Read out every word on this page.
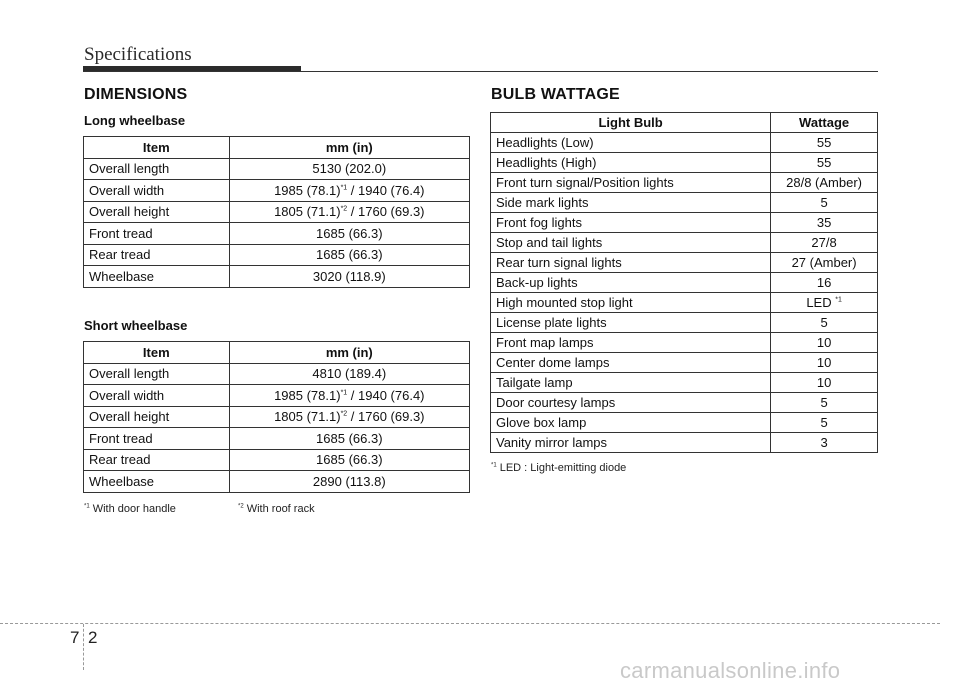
Specifications
DIMENSIONS
Long wheelbase
Item	mm (in)
Overall length	5130 (202.0)
Overall width	1985 $(78.1)^{*1} / 1940$ (76.4)
Overall height	1805 $(71.1)^{*2} / 1760$ (69.3)
Front tread	1685 (66.3)
Rear tread	1685 (66.3)
Wheelbase	3020 (118.9)
Short wheelbase
Item	mm (in)
Overall length	4810 (189.4)
Overall width	1985 $(78.1)^{*1} / 1940$ (76.4)
Overall height	1805 $(71.1)^{*2} / 1760$ (69.3)
Front tread	1685 (66.3)
Rear tread	1685 (66.3)
Wheelbase	2890 (113.8)
$^{*1}$ With door handle	$^{*2}$ With roof rack
BULB WATTAGE
Light Bulb	Wattage
Headlights (Low)	55
Headlights (High)	55
Front turn signal/Position lights	28/8 (Amber)
Side mark lights	5
Front fog lights	35
Stop and tail lights	27/8
Rear turn signal lights	27 (Amber)
Back-up lights	16
High mounted stop light	LED $^{*1}$
License plate lights	5
Front map lamps	10
Center dome lamps	10
Tailgate lamp	10
Door courtesy lamps	5
Glove box lamp	5
Vanity mirror lamps	3
$^{*1}$ LED : Light-emitting diode
7 2
carmanualsonline.info
